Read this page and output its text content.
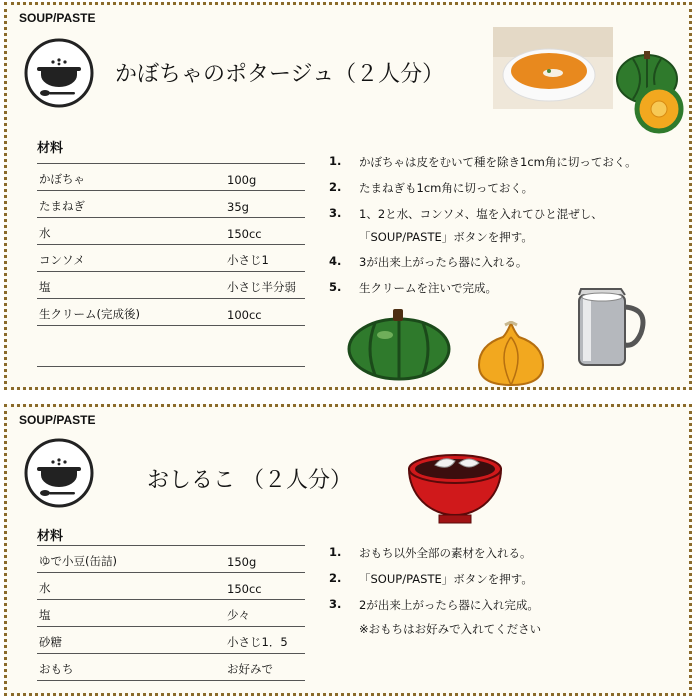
SOUP/PASTE
かぼちゃのポタージュ（２人分）
材料
かぼちゃ	100g
たまねぎ	35g
水	150cc
コンソメ	小さじ1
塩	小さじ半分弱
生クリーム(完成後)	100cc
1. かぼちゃは皮をむいて種を除き1cm角に切っておく。
2. たまねぎも1cm角に切っておく。
3. 1、2と水、コンソメ、塩を入れてひと混ぜし、
「SOUP/PASTE」ボタンを押す。
4. 3が出来上がったら器に入れる。
5. 生クリームを注いで完成。
SOUP/PASTE
おしるこ （２人分）
材料
ゆで小豆(缶詰)	150g
水	150cc
塩	少々
砂糖	小さじ1．5
おもち	お好みで
1. おもち以外全部の素材を入れる。
2. 「SOUP/PASTE」ボタンを押す。
3. 2が出来上がったら器に入れ完成。
※おもちはお好みで入れてください
